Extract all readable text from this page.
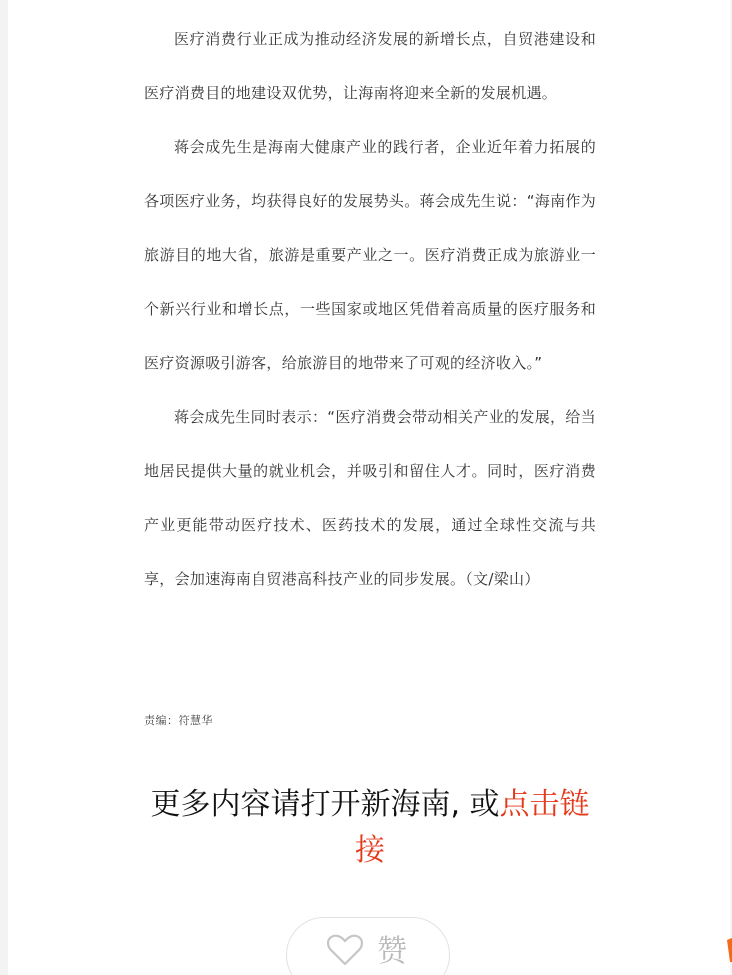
医疗消费行业正成为推动经济发展的新增长点，自贸港建设和医疗消费目的地建设双优势，让海南将迎来全新的发展机遇。

蒋会成先生是海南大健康产业的践行者，企业近年着力拓展的各项医疗业务，均获得良好的发展势头。蒋会成先生说：“海南作为旅游目的地大省，旅游是重要产业之一。医疗消费正成为旅游业一个新兴行业和增长点，一些国家或地区凭借着高质量的医疗服务和医疗资源吸引游客，给旅游目的地带来了可观的经济收入。”

蒋会成先生同时表示：“医疗消费会带动相关产业的发展，给当地居民提供大量的就业机会，并吸引和留住人才。同时，医疗消费产业更能带动医疗技术、医药技术的发展，通过全球性交流与共享，会加速海南自贸港高科技产业的同步发展。（文/梁山）

责编：符慧华
更多内容请打开新海南, 或点击链接
赞
